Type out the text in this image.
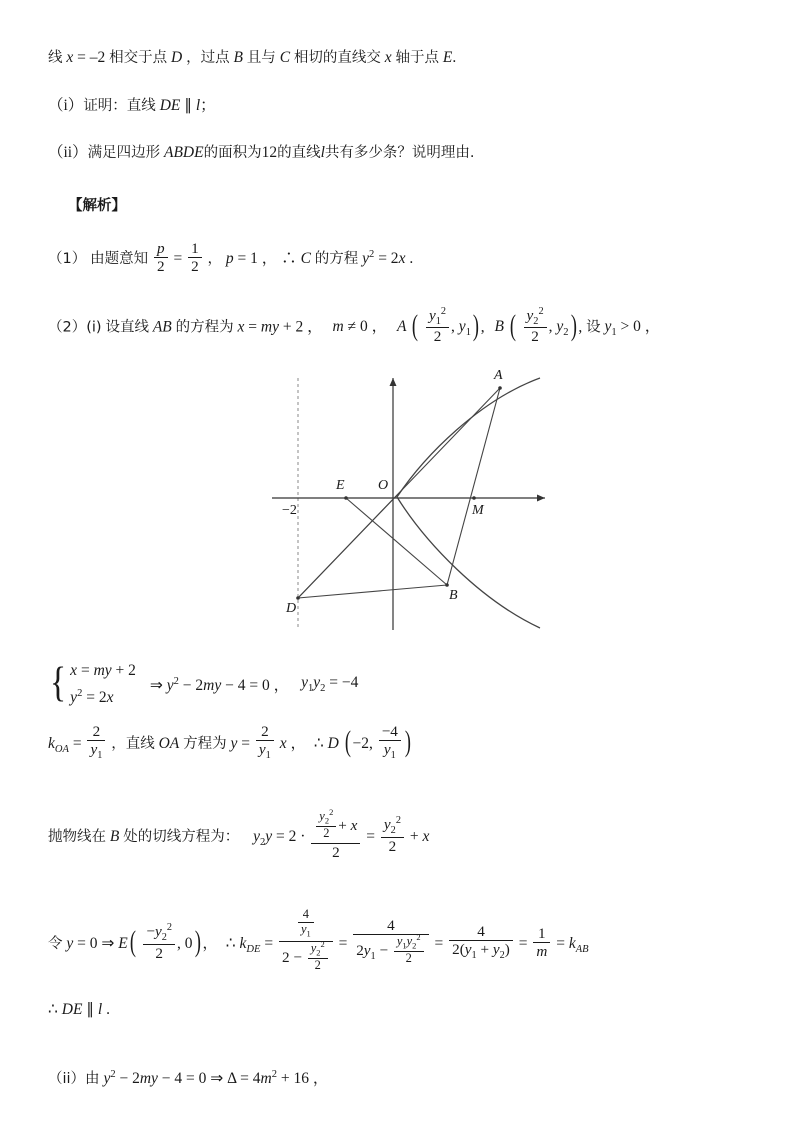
线 x = –2 相交于点 D ，过点 B 且与 C 相切的直线交 x 轴于点 E.
（i）证明：直线 DE ∥ l；
（ii）满足四边形 ABDE的面积为12的直线l共有多少条？说明理由.
【解析】
（1） 由题意知 $\frac{p}{2} = \frac{1}{2}$ ， p = 1 ， ∴ C 的方程 $y^2 = 2x$ .
（2）(i) 设直线 AB 的方程为 x = my + 2 ， m ≠ 0 ， A ( $\frac{y_1^2}{2}$ , $y_1$) , B ( $\frac{y_2^2}{2}$ , $y_2$) , 设 $y_1 > 0$ ，
A
B
D
E O
M
−2
{ x = my + 2
$y^2 = 2x$
⇒ $y^2 - 2my - 4 = 0$ ， $y_1y_2 = -4$
$k_{OA} = \frac{2}{y_1}$ ，直线 OA 方程为 $y = \frac{2}{y_1}$ x ， ∴ D ( −2, $\frac{-4}{y_1}$ )
抛物线在 B 处的切线方程为： $y_2y = 2 \cdot \frac{\frac{y_2^2}{2} + x}{2} = \frac{y_2^2}{2} + x$
令 y = 0 ⇒ $E( \frac{-y_2^2}{2}$ , 0) ， ∴ $k_{DE} = \frac{\frac{4}{y_1}}{2 - \frac{y_2^2}{2}} = \frac{4}{2y_1 - \frac{y_1y_2^2}{2}} = \frac{4}{2(y_1 + y_2)} = \frac{1}{m} = k_{AB}$
∴ DE ∥ l .
（ii）由 $y^2 - 2my - 4 = 0$ ⇒ $\Delta = 4m^2 + 16$ ，
